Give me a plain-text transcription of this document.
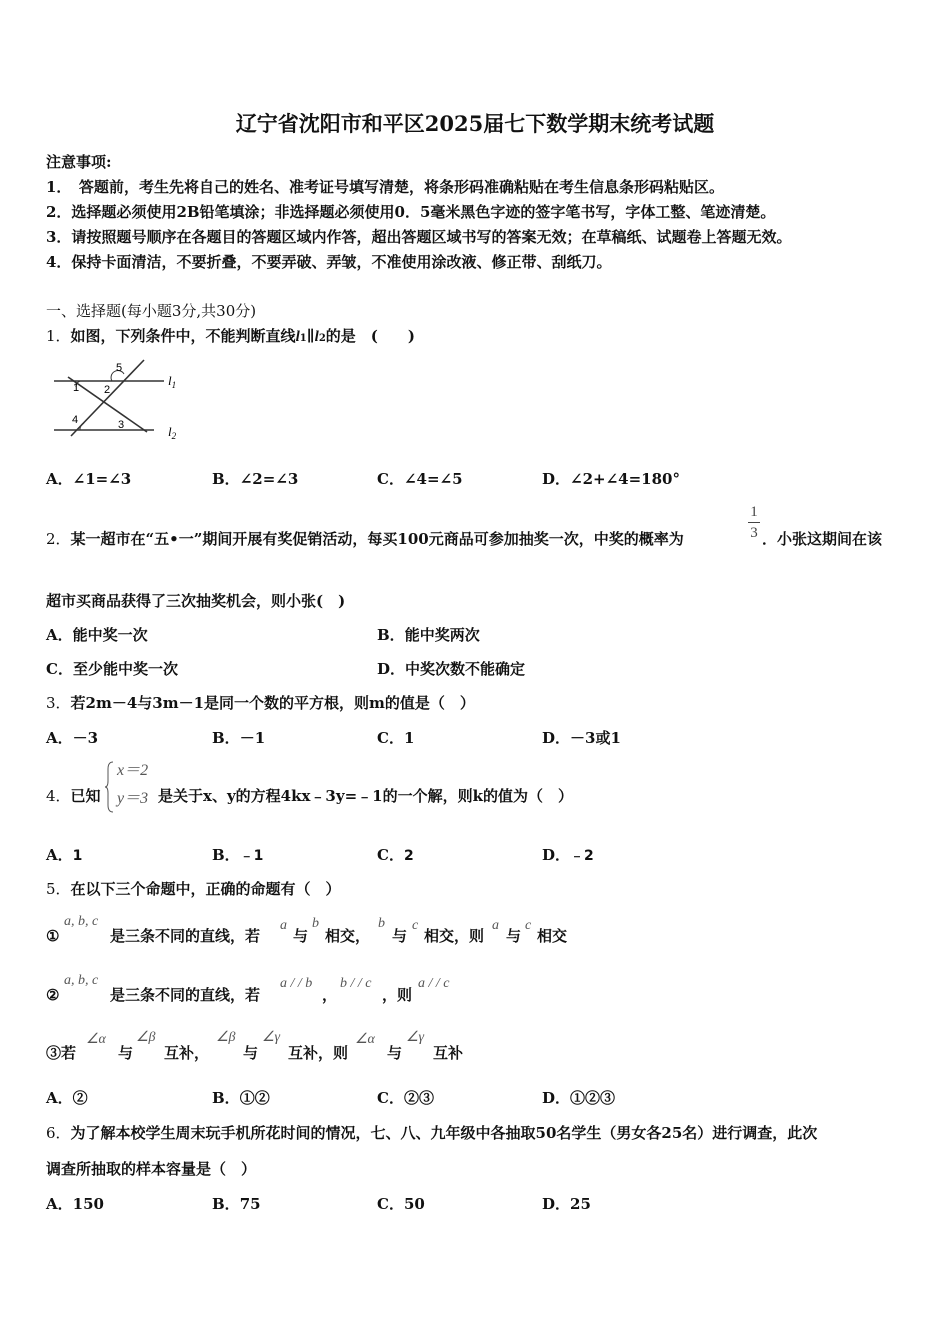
辽宁省沈阳市和平区2025届七下数学期末统考试题
注意事项:
1．　答题前，考生先将自己的姓名、准考证号填写清楚，将条形码准确粘贴在考生信息条形码粘贴区。
2．选择题必须使用2B铅笔填涂；非选择题必须使用0．5毫米黑色字迹的签字笔书写，字体工整、笔迹清楚。
3．请按照题号顺序在各题目的答题区域内作答，超出答题区域书写的答案无效；在草稿纸、试题卷上答题无效。
4．保持卡面清洁，不要折叠，不要弄破、弄皱，不准使用涂改液、修正带、刮纸刀。
一、选择题(每小题3分,共30分)
1．如图，下列条件中，不能判断直线l1∥l2的是　(　　)
5
1 2
4	3
$l_1$
$l_2$
A．∠1=∠3	B．∠2=∠3	C．∠4=∠5	D．∠2+∠4=180°
2．某一超市在“五•一”期间开展有奖促销活动，每买100元商品可参加抽奖一次，中奖的概率为
1
3 ．小张这期间在该
超市买商品获得了三次抽奖机会，则小张(　)
A．能中奖一次	B．能中奖两次
C．至少能中奖一次	D．中奖次数不能确定
3．若2m－4与3m－1是同一个数的平方根，则m的值是（　）
A．－3	B．－1	C．1	D．－3或1
4．已知
x＝2
y＝3 是关于x、y的方程4kx﹣3y=﹣1的一个解，则k的值为（　）
A．1	B．﹣1	C．2	D．﹣2
5．在以下三个命题中，正确的命题有（　）
①
a, b, c
是三条不同的直线，若
a
与
b
相交，
b
与
c
相交，则
a
与
c
相交
②
a, b, c
是三条不同的直线，若
a / / b
，
b / / c
，则
a / / c
③若
∠α
与
∠β
互补，
∠β
与
∠γ
互补，则
∠α
与
∠γ
互补
A．②	B．①②	C．②③	D．①②③
6．为了解本校学生周末玩手机所花时间的情况，七、八、九年级中各抽取50名学生（男女各25名）进行调查，此次
调查所抽取的样本容量是（　）
A．150	B．75	C．50	D．25
